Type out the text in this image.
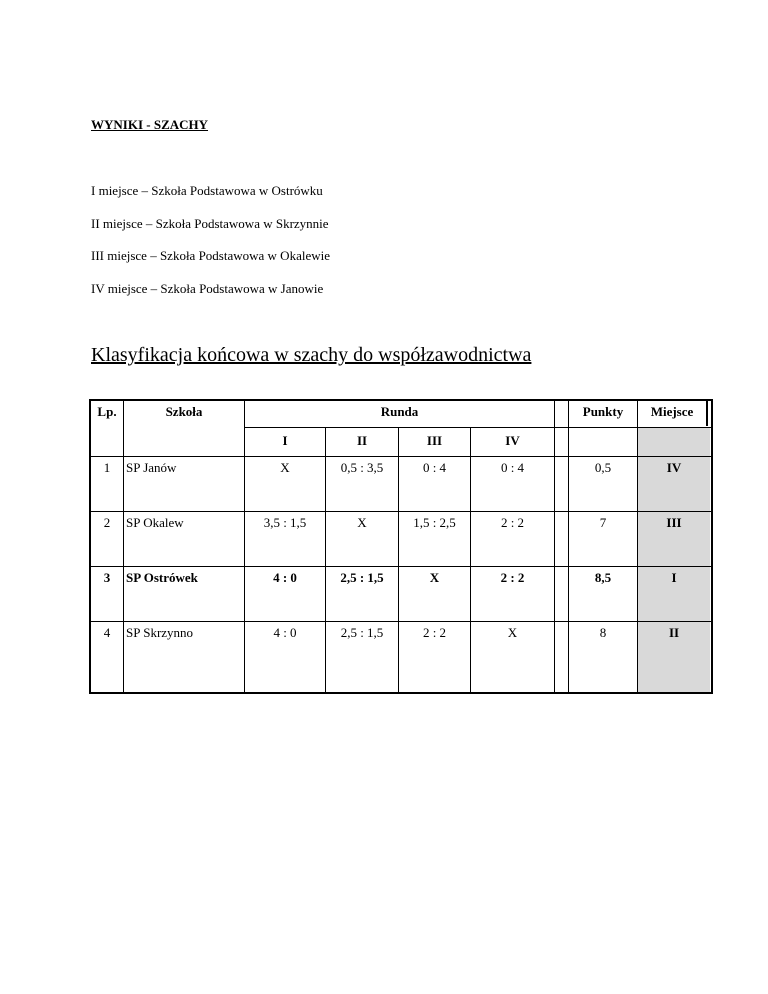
WYNIKI - SZACHY

I miejsce – Szkoła Podstawowa w Ostrówku
II miejsce – Szkoła Podstawowa w Skrzynnie
III miejsce – Szkoła Podstawowa w Okalewie
IV miejsce – Szkoła Podstawowa w Janowie
Klasyfikacja końcowa w szachy do współzawodnictwa
Lp.	Szkoła	Runda	Punkty	Miejsce
I	II	III	IV
1	SP Janów	X	0,5 : 3,5	0 : 4	0 : 4	0,5	IV
2	SP Okalew	3,5 : 1,5	X	1,5 : 2,5	2 : 2	7	III
3	SP Ostrówek	4 : 0	2,5 : 1,5	X	2 : 2	8,5	I
4	SP Skrzynno	4 : 0	2,5 : 1,5	2 : 2	X	8	II
